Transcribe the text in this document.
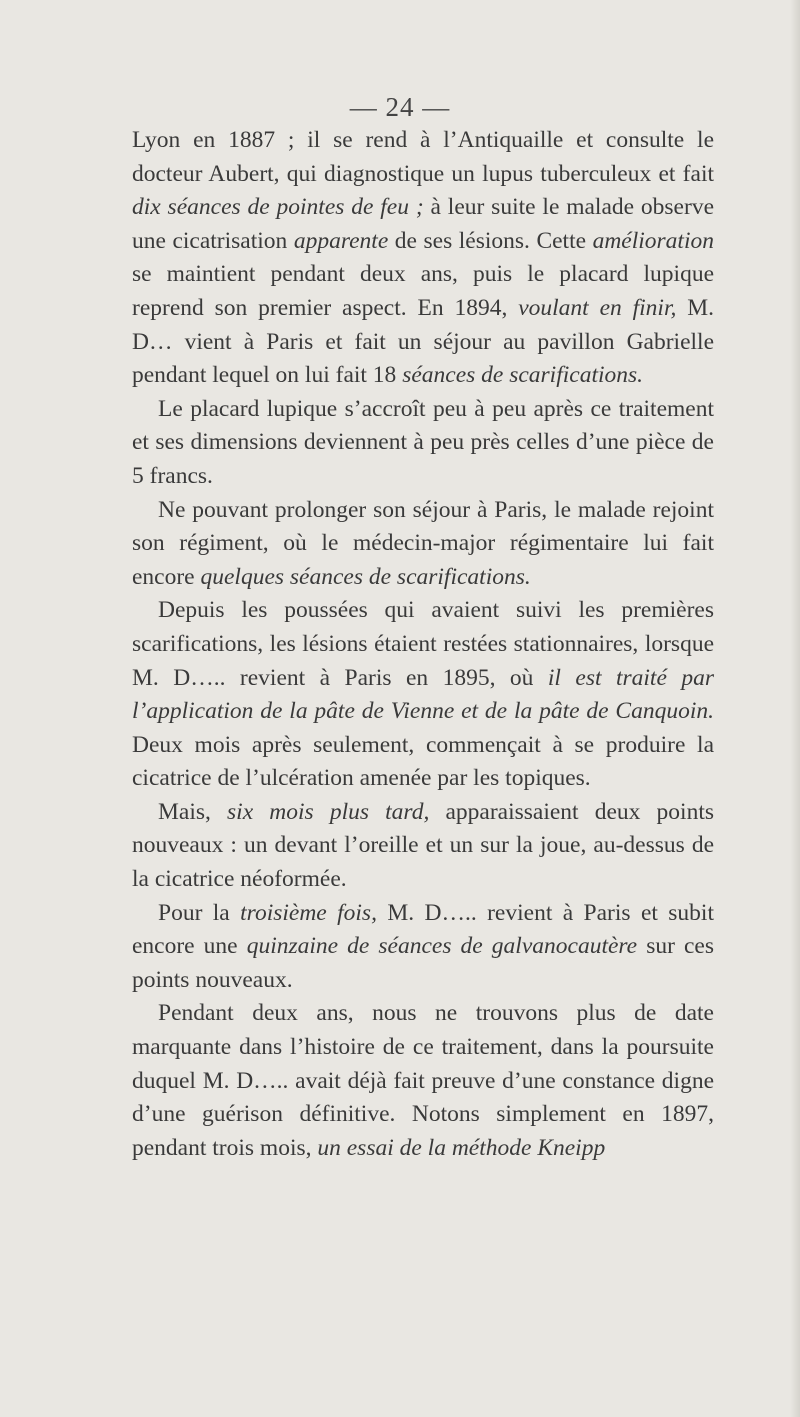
— 24 —

Lyon en 1887 ; il se rend à l’Antiquaille et consulte le docteur Aubert, qui diagnostique un lupus tuberculeux et fait dix séances de pointes de feu ; à leur suite le malade observe une cicatrisation apparente de ses lésions. Cette amélioration se maintient pendant deux ans, puis le placard lupique reprend son premier aspect. En 1894, voulant en finir, M. D… vient à Paris et fait un séjour au pavillon Gabrielle pendant lequel on lui fait 18 séances de scarifications.

Le placard lupique s’accroît peu à peu après ce traitement et ses dimensions deviennent à peu près celles d’une pièce de 5 francs.

Ne pouvant prolonger son séjour à Paris, le malade rejoint son régiment, où le médecin-major régimentaire lui fait encore quelques séances de scarifications.

Depuis les poussées qui avaient suivi les premières scarifications, les lésions étaient restées stationnaires, lorsque M. D….. revient à Paris en 1895, où il est traité par l’application de la pâte de Vienne et de la pâte de Canquoin. Deux mois après seulement, commençait à se produire la cicatrice de l’ulcération amenée par les topiques.

Mais, six mois plus tard, apparaissaient deux points nouveaux : un devant l’oreille et un sur la joue, au-dessus de la cicatrice néoformée.

Pour la troisième fois, M. D….. revient à Paris et subit encore une quinzaine de séances de galvanocautère sur ces points nouveaux.

Pendant deux ans, nous ne trouvons plus de date marquante dans l’histoire de ce traitement, dans la poursuite duquel M. D….. avait déjà fait preuve d’une constance digne d’une guérison définitive. Notons simplement en 1897, pendant trois mois, un essai de la méthode Kneipp
